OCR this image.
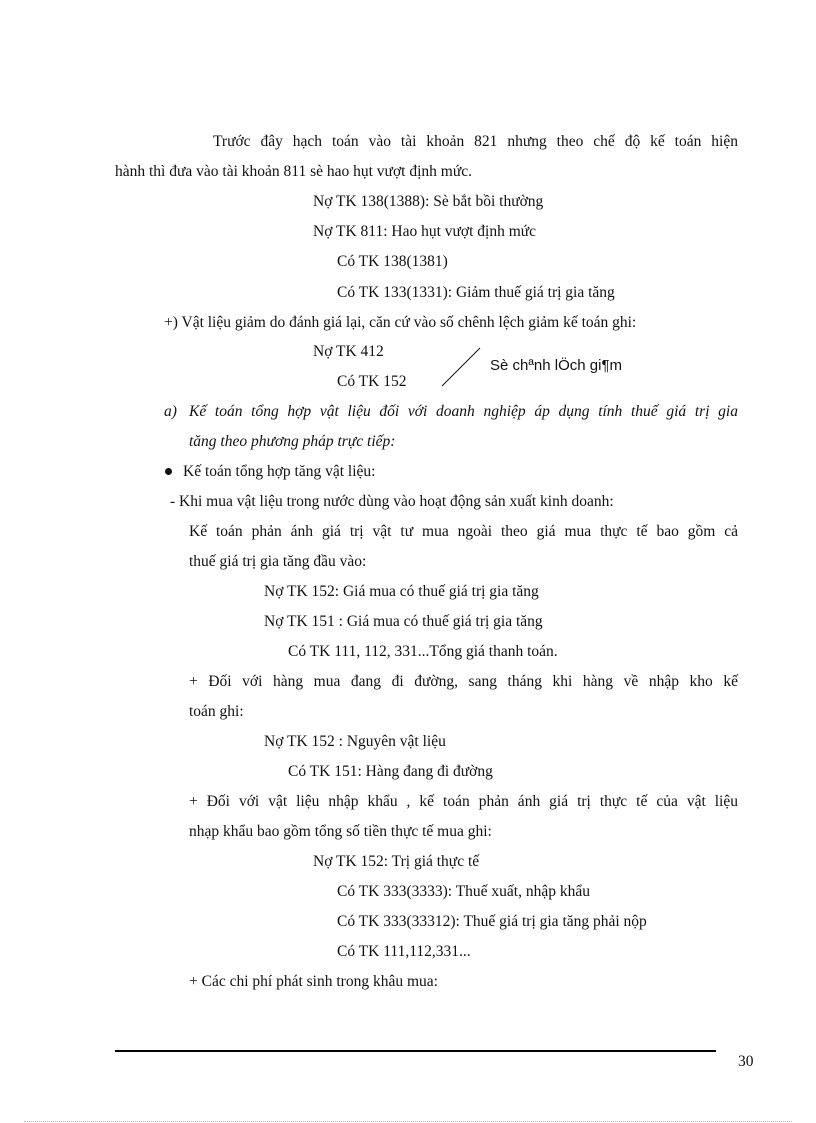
Trước đây hạch toán vào tài khoản 821 nhưng theo chế độ kế toán hiện
hành thì đưa vào tài khoản 811 sè hao hụt vượt định mức.
Nợ TK 138(1388): Sè bắt bồi thường
Nợ TK 811: Hao hụt vượt định mức
Có TK 138(1381)
Có TK 133(1331): Giảm thuế giá trị gia tăng
+) Vật liệu giảm do đánh giá lại, căn cứ vào số chênh lệch giảm kế toán ghi:
Nợ TK 412
Có TK 152
Sè chªnh lÖch gi¶m
a) Kế toán tổng hợp vật liệu đối với doanh nghiệp áp dụng tính thuế giá trị gia
tăng theo phương pháp trực tiếp:
Kế toán tổng hợp tăng vật liệu:
- Khi mua vật liệu trong nước dùng vào hoạt động sản xuất kinh doanh:
Kế toán phản ánh giá trị vật tư mua ngoài theo giá mua thực tế bao gồm cả
thuế giá trị gia tăng đầu vào:
Nợ TK 152: Giá mua có thuế giá trị gia tăng
Nợ TK 151 : Giá mua có thuế giá trị gia tăng
Có TK 111, 112, 331...Tổng giá thanh toán.
+ Đối với hàng mua đang đi đường, sang tháng khi hàng về nhập kho kế
toán ghi:
Nợ TK 152 : Nguyên vật liệu
Có TK 151: Hàng đang đi đường
+ Đối với vật liệu nhập khẩu , kế toán phản ánh giá trị thực tế của vật liệu
nhạp khẩu bao gồm tổng số tiền thực tế mua ghi:
Nợ TK 152: Trị giá thực tế
Có TK 333(3333): Thuế xuất, nhập khẩu
Có TK 333(33312): Thuế giá trị gia tăng phải nộp
Có TK 111,112,331...
+ Các chi phí phát sinh trong khâu mua:
30
